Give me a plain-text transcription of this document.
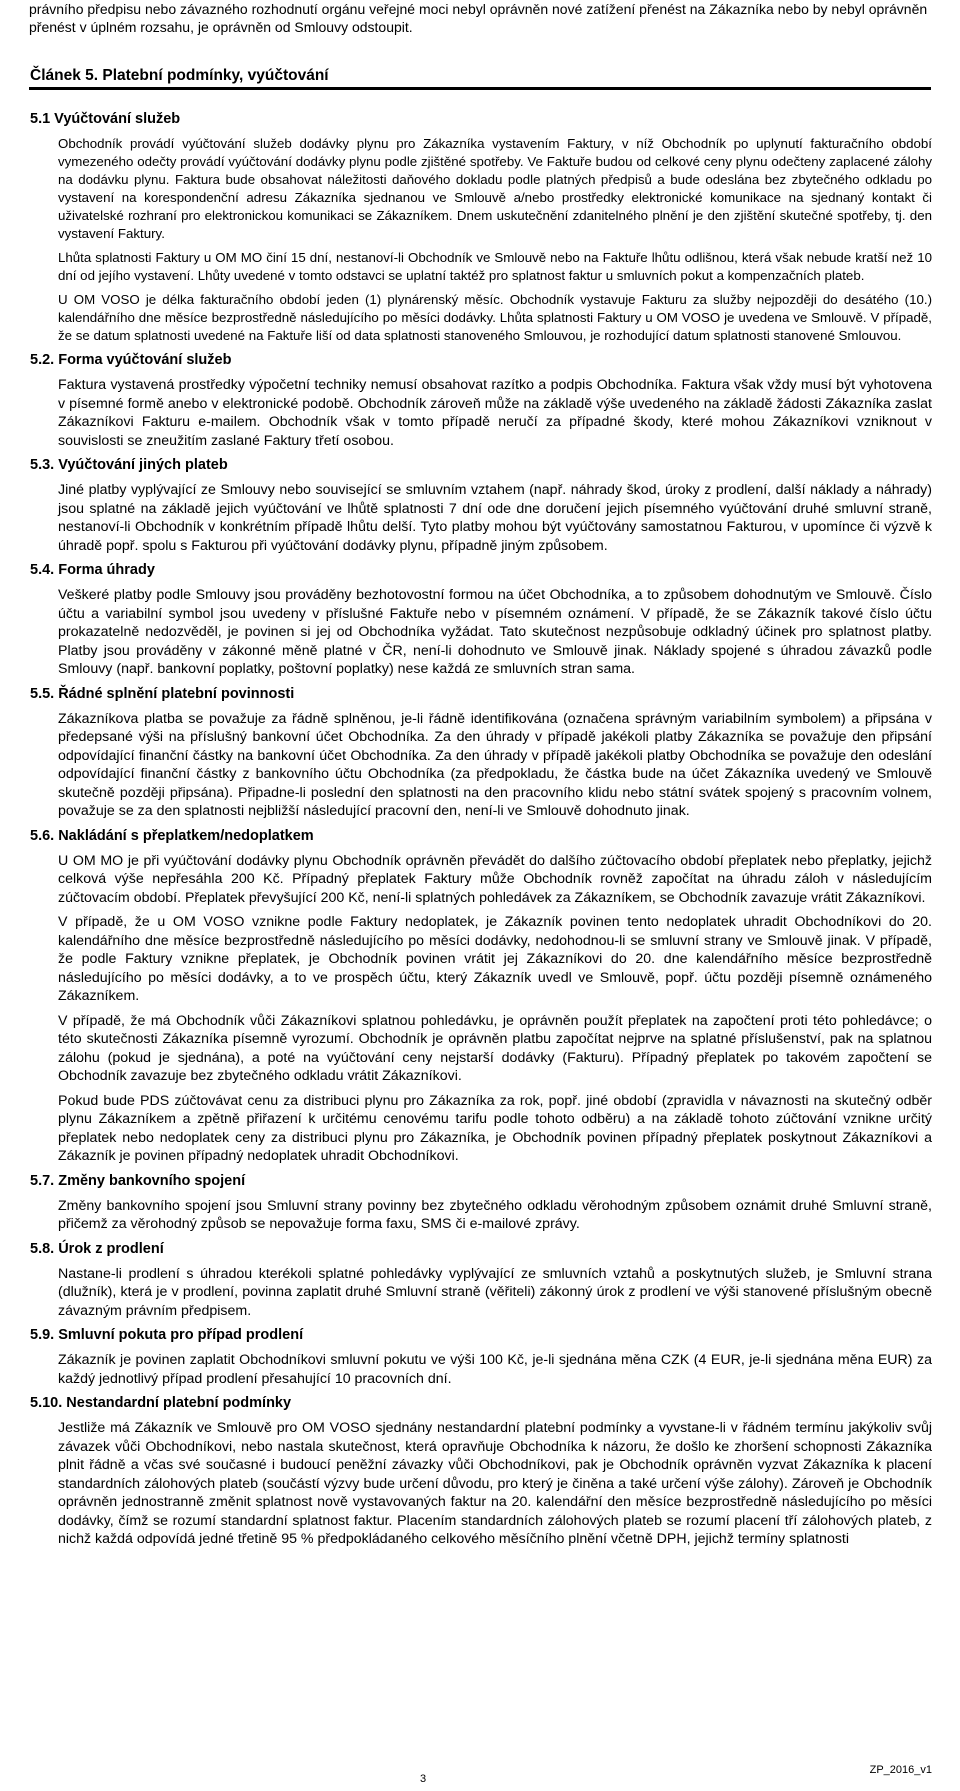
právního předpisu nebo závazného rozhodnutí orgánu veřejné moci nebyl oprávněn nové zatížení přenést na Zákazníka nebo by nebyl oprávněn přenést v úplném rozsahu, je oprávněn od Smlouvy odstoupit.

Článek 5. Platební podmínky, vyúčtování
5.1 Vyúčtování služeb

Obchodník provádí vyúčtování služeb dodávky plynu pro Zákazníka vystavením Faktury, v níž Obchodník po uplynutí fakturačního období vymezeného odečty provádí vyúčtování dodávky plynu podle zjištěné spotřeby. Ve Faktuře budou od celkové ceny plynu odečteny zaplacené zálohy na dodávku plynu. Faktura bude obsahovat náležitosti daňového dokladu podle platných předpisů a bude odeslána bez zbytečného odkladu po vystavení na korespondenční adresu Zákazníka sjednanou ve Smlouvě a/nebo prostředky elektronické komunikace na sjednaný kontakt či uživatelské rozhraní pro elektronickou komunikaci se Zákazníkem. Dnem uskutečnění zdanitelného plnění je den zjištění skutečné spotřeby, tj. den vystavení Faktury.

Lhůta splatnosti Faktury u OM MO činí 15 dní, nestanoví-li Obchodník ve Smlouvě nebo na Faktuře lhůtu odlišnou, která však nebude kratší než 10 dní od jejího vystavení. Lhůty uvedené v tomto odstavci se uplatní taktéž pro splatnost faktur u smluvních pokut a kompenzačních plateb.

U OM VOSO je délka fakturačního období jeden (1) plynárenský měsíc. Obchodník vystavuje Fakturu za služby nejpozději do desátého (10.) kalendářního dne měsíce bezprostředně následujícího po měsíci dodávky. Lhůta splatnosti Faktury u OM VOSO je uvedena ve Smlouvě. V případě, že se datum splatnosti uvedené na Faktuře liší od data splatnosti stanoveného Smlouvou, je rozhodující datum splatnosti stanovené Smlouvou.

5.2. Forma vyúčtování služeb

Faktura vystavená prostředky výpočetní techniky nemusí obsahovat razítko a podpis Obchodníka. Faktura však vždy musí být vyhotovena v písemné formě anebo v elektronické podobě. Obchodník zároveň může na základě výše uvedeného na základě žádosti Zákazníka zaslat Zákazníkovi Fakturu e-mailem. Obchodník však v tomto případě neručí za případné škody, které mohou Zákazníkovi vzniknout v souvislosti se zneužitím zaslané Faktury třetí osobou.

5.3. Vyúčtování jiných plateb

Jiné platby vyplývající ze Smlouvy nebo související se smluvním vztahem (např. náhrady škod, úroky z prodlení, další náklady a náhrady) jsou splatné na základě jejich vyúčtování ve lhůtě splatnosti 7 dní ode dne doručení jejich písemného vyúčtování druhé smluvní straně, nestanoví-li Obchodník v konkrétním případě lhůtu delší. Tyto platby mohou být vyúčtovány samostatnou Fakturou, v upomínce či výzvě k úhradě popř. spolu s Fakturou při vyúčtování dodávky plynu, případně jiným způsobem.

5.4. Forma úhrady

Veškeré platby podle Smlouvy jsou prováděny bezhotovostní formou na účet Obchodníka, a to způsobem dohodnutým ve Smlouvě. Číslo účtu a variabilní symbol jsou uvedeny v příslušné Faktuře nebo v písemném oznámení. V případě, že se Zákazník takové číslo účtu prokazatelně nedozvěděl, je povinen si jej od Obchodníka vyžádat. Tato skutečnost nezpůsobuje odkladný účinek pro splatnost platby. Platby jsou prováděny v zákonné měně platné v ČR, není-li dohodnuto ve Smlouvě jinak. Náklady spojené s úhradou závazků podle Smlouvy (např. bankovní poplatky, poštovní poplatky) nese každá ze smluvních stran sama.

5.5. Řádné splnění platební povinnosti

Zákazníkova platba se považuje za řádně splněnou, je-li řádně identifikována (označena správným variabilním symbolem) a připsána v předepsané výši na příslušný bankovní účet Obchodníka. Za den úhrady v případě jakékoli platby Zákazníka se považuje den připsání odpovídající finanční částky na bankovní účet Obchodníka. Za den úhrady v případě jakékoli platby Obchodníka se považuje den odeslání odpovídající finanční částky z bankovního účtu Obchodníka (za předpokladu, že částka bude na účet Zákazníka uvedený ve Smlouvě skutečně později připsána). Připadne-li poslední den splatnosti na den pracovního klidu nebo státní svátek spojený s pracovním volnem, považuje se za den splatnosti nejbližší následující pracovní den, není-li ve Smlouvě dohodnuto jinak.

5.6. Nakládání s přeplatkem/nedoplatkem

U OM MO je při vyúčtování dodávky plynu Obchodník oprávněn převádět do dalšího zúčtovacího období přeplatek nebo přeplatky, jejichž celková výše nepřesáhla 200 Kč. Případný přeplatek Faktury může Obchodník rovněž započítat na úhradu záloh v následujícím zúčtovacím období. Přeplatek převyšující 200 Kč, není-li splatných pohledávek za Zákazníkem, se Obchodník zavazuje vrátit Zákazníkovi.

V případě, že u OM VOSO vznikne podle Faktury nedoplatek, je Zákazník povinen tento nedoplatek uhradit Obchodníkovi do 20. kalendářního dne měsíce bezprostředně následujícího po měsíci dodávky, nedohodnou-li se smluvní strany ve Smlouvě jinak. V případě, že podle Faktury vznikne přeplatek, je Obchodník povinen vrátit jej Zákazníkovi do 20. dne kalendářního měsíce bezprostředně následujícího po měsíci dodávky, a to ve prospěch účtu, který Zákazník uvedl ve Smlouvě, popř. účtu později písemně oznámeného Zákazníkem.

V případě, že má Obchodník vůči Zákazníkovi splatnou pohledávku, je oprávněn použít přeplatek na započtení proti této pohledávce; o této skutečnosti Zákazníka písemně vyrozumí. Obchodník je oprávněn platbu započítat nejprve na splatné příslušenství, pak na splatnou zálohu (pokud je sjednána), a poté na vyúčtování ceny nejstarší dodávky (Fakturu). Případný přeplatek po takovém započtení se Obchodník zavazuje bez zbytečného odkladu vrátit Zákazníkovi.

Pokud bude PDS zúčtovávat cenu za distribuci plynu pro Zákazníka za rok, popř. jiné období (zpravidla v návaznosti na skutečný odběr plynu Zákazníkem a zpětně přiřazení k určitému cenovému tarifu podle tohoto odběru) a na základě tohoto zúčtování vznikne určitý přeplatek nebo nedoplatek ceny za distribuci plynu pro Zákazníka, je Obchodník povinen případný přeplatek poskytnout Zákazníkovi a Zákazník je povinen případný nedoplatek uhradit Obchodníkovi.

5.7. Změny bankovního spojení

Změny bankovního spojení jsou Smluvní strany povinny bez zbytečného odkladu věrohodným způsobem oznámit druhé Smluvní straně, přičemž za věrohodný způsob se nepovažuje forma faxu, SMS či e-mailové zprávy.

5.8. Úrok z prodlení

Nastane-li prodlení s úhradou kterékoli splatné pohledávky vyplývající ze smluvních vztahů a poskytnutých služeb, je Smluvní strana (dlužník), která je v prodlení, povinna zaplatit druhé Smluvní straně (věřiteli) zákonný úrok z prodlení ve výši stanovené příslušným obecně závazným právním předpisem.

5.9. Smluvní pokuta pro případ prodlení

Zákazník je povinen zaplatit Obchodníkovi smluvní pokutu ve výši 100 Kč, je-li sjednána měna CZK (4 EUR, je-li sjednána měna EUR) za každý jednotlivý případ prodlení přesahující 10 pracovních dní.

5.10. Nestandardní platební podmínky

Jestliže má Zákazník ve Smlouvě pro OM VOSO sjednány nestandardní platební podmínky a vyvstane-li v řádném termínu jakýkoliv svůj závazek vůči Obchodníkovi, nebo nastala skutečnost, která opravňuje Obchodníka k názoru, že došlo ke zhoršení schopnosti Zákazníka plnit řádně a včas své současné i budoucí peněžní závazky vůči Obchodníkovi, pak je Obchodník oprávněn vyzvat Zákazníka k placení standardních zálohových plateb (součástí výzvy bude určení důvodu, pro který je činěna a také určení výše zálohy). Zároveň je Obchodník oprávněn jednostranně změnit splatnost nově vystavovaných faktur na 20. kalendářní den měsíce bezprostředně následujícího po měsíci dodávky, čímž se rozumí standardní splatnost faktur. Placením standardních zálohových plateb se rozumí placení tří zálohových plateb, z nichž každá odpovídá jedné třetině 95 % předpokládaného celkového měsíčního plnění včetně DPH, jejichž termíny splatnosti

3

ZP_2016_v1
